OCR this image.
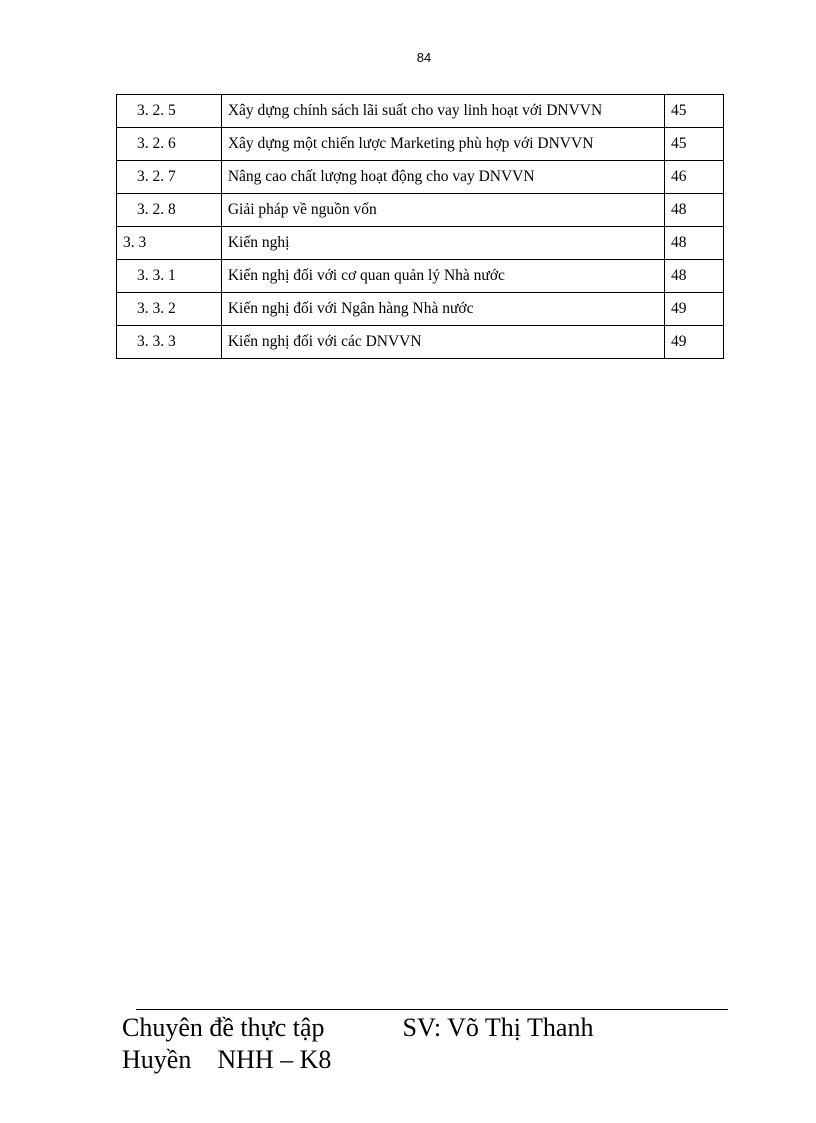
84
3. 2. 5	Xây dựng chính sách lãi suất cho vay linh hoạt với DNVVN	45
3. 2. 6	Xây dựng một chiến lược Marketing phù hợp với DNVVN	45
3. 2. 7	Nâng cao chất lượng hoạt động cho vay DNVVN	46
3. 2. 8	Giải pháp về nguồn vốn	48
3. 3	Kiến nghị	48
3. 3. 1	Kiến nghị đối với cơ quan quản lý Nhà nước	48
3. 3. 2	Kiến nghị đối với Ngân hàng Nhà nước	49
3. 3. 3	Kiến nghị đối với các DNVVN	49
Chuyên đề thực tập            SV: Võ Thị Thanh
Huyền    NHH – K8
